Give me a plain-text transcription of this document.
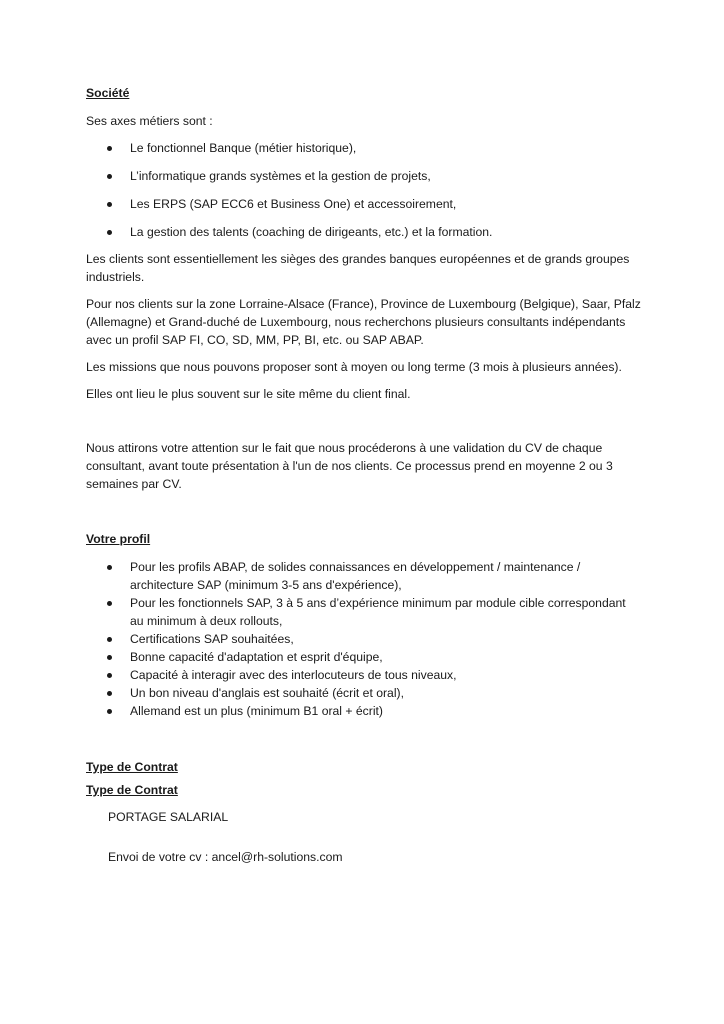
Société
Ses axes métiers sont :
Le fonctionnel Banque (métier historique),
L’informatique grands systèmes et la gestion de projets,
Les ERPS (SAP ECC6 et Business One) et accessoirement,
La gestion des talents (coaching de dirigeants, etc.) et la formation.
Les clients sont essentiellement les sièges des grandes banques européennes et de grands groupes
industriels.
Pour nos clients sur la zone Lorraine-Alsace (France), Province de Luxembourg (Belgique), Saar, Pfalz
(Allemagne) et Grand-duché de Luxembourg, nous recherchons plusieurs consultants indépendants
avec un profil SAP FI, CO, SD, MM, PP, BI, etc. ou SAP ABAP.
Les missions que nous pouvons proposer sont à moyen ou long terme (3 mois à plusieurs années).
Elles ont lieu le plus souvent sur le site même du client final.
Nous attirons votre attention sur le fait que nous procéderons à une validation du CV de chaque
consultant, avant toute présentation à l'un de nos clients. Ce processus prend en moyenne 2 ou 3
semaines par CV.
Votre profil
Pour les profils ABAP, de solides connaissances en développement / maintenance /
architecture SAP (minimum 3-5 ans d'expérience),
Pour les fonctionnels SAP, 3 à 5 ans d’expérience minimum par module cible correspondant
au minimum à deux rollouts,
Certifications SAP souhaitées,
Bonne capacité d'adaptation et esprit d'équipe,
Capacité à interagir avec des interlocuteurs de tous niveaux,
Un bon niveau d'anglais est souhaité (écrit et oral),
Allemand est un plus (minimum B1 oral + écrit)
Type de Contrat
Type de Contrat
PORTAGE SALARIAL
Envoi de votre cv : ancel@rh-solutions.com
